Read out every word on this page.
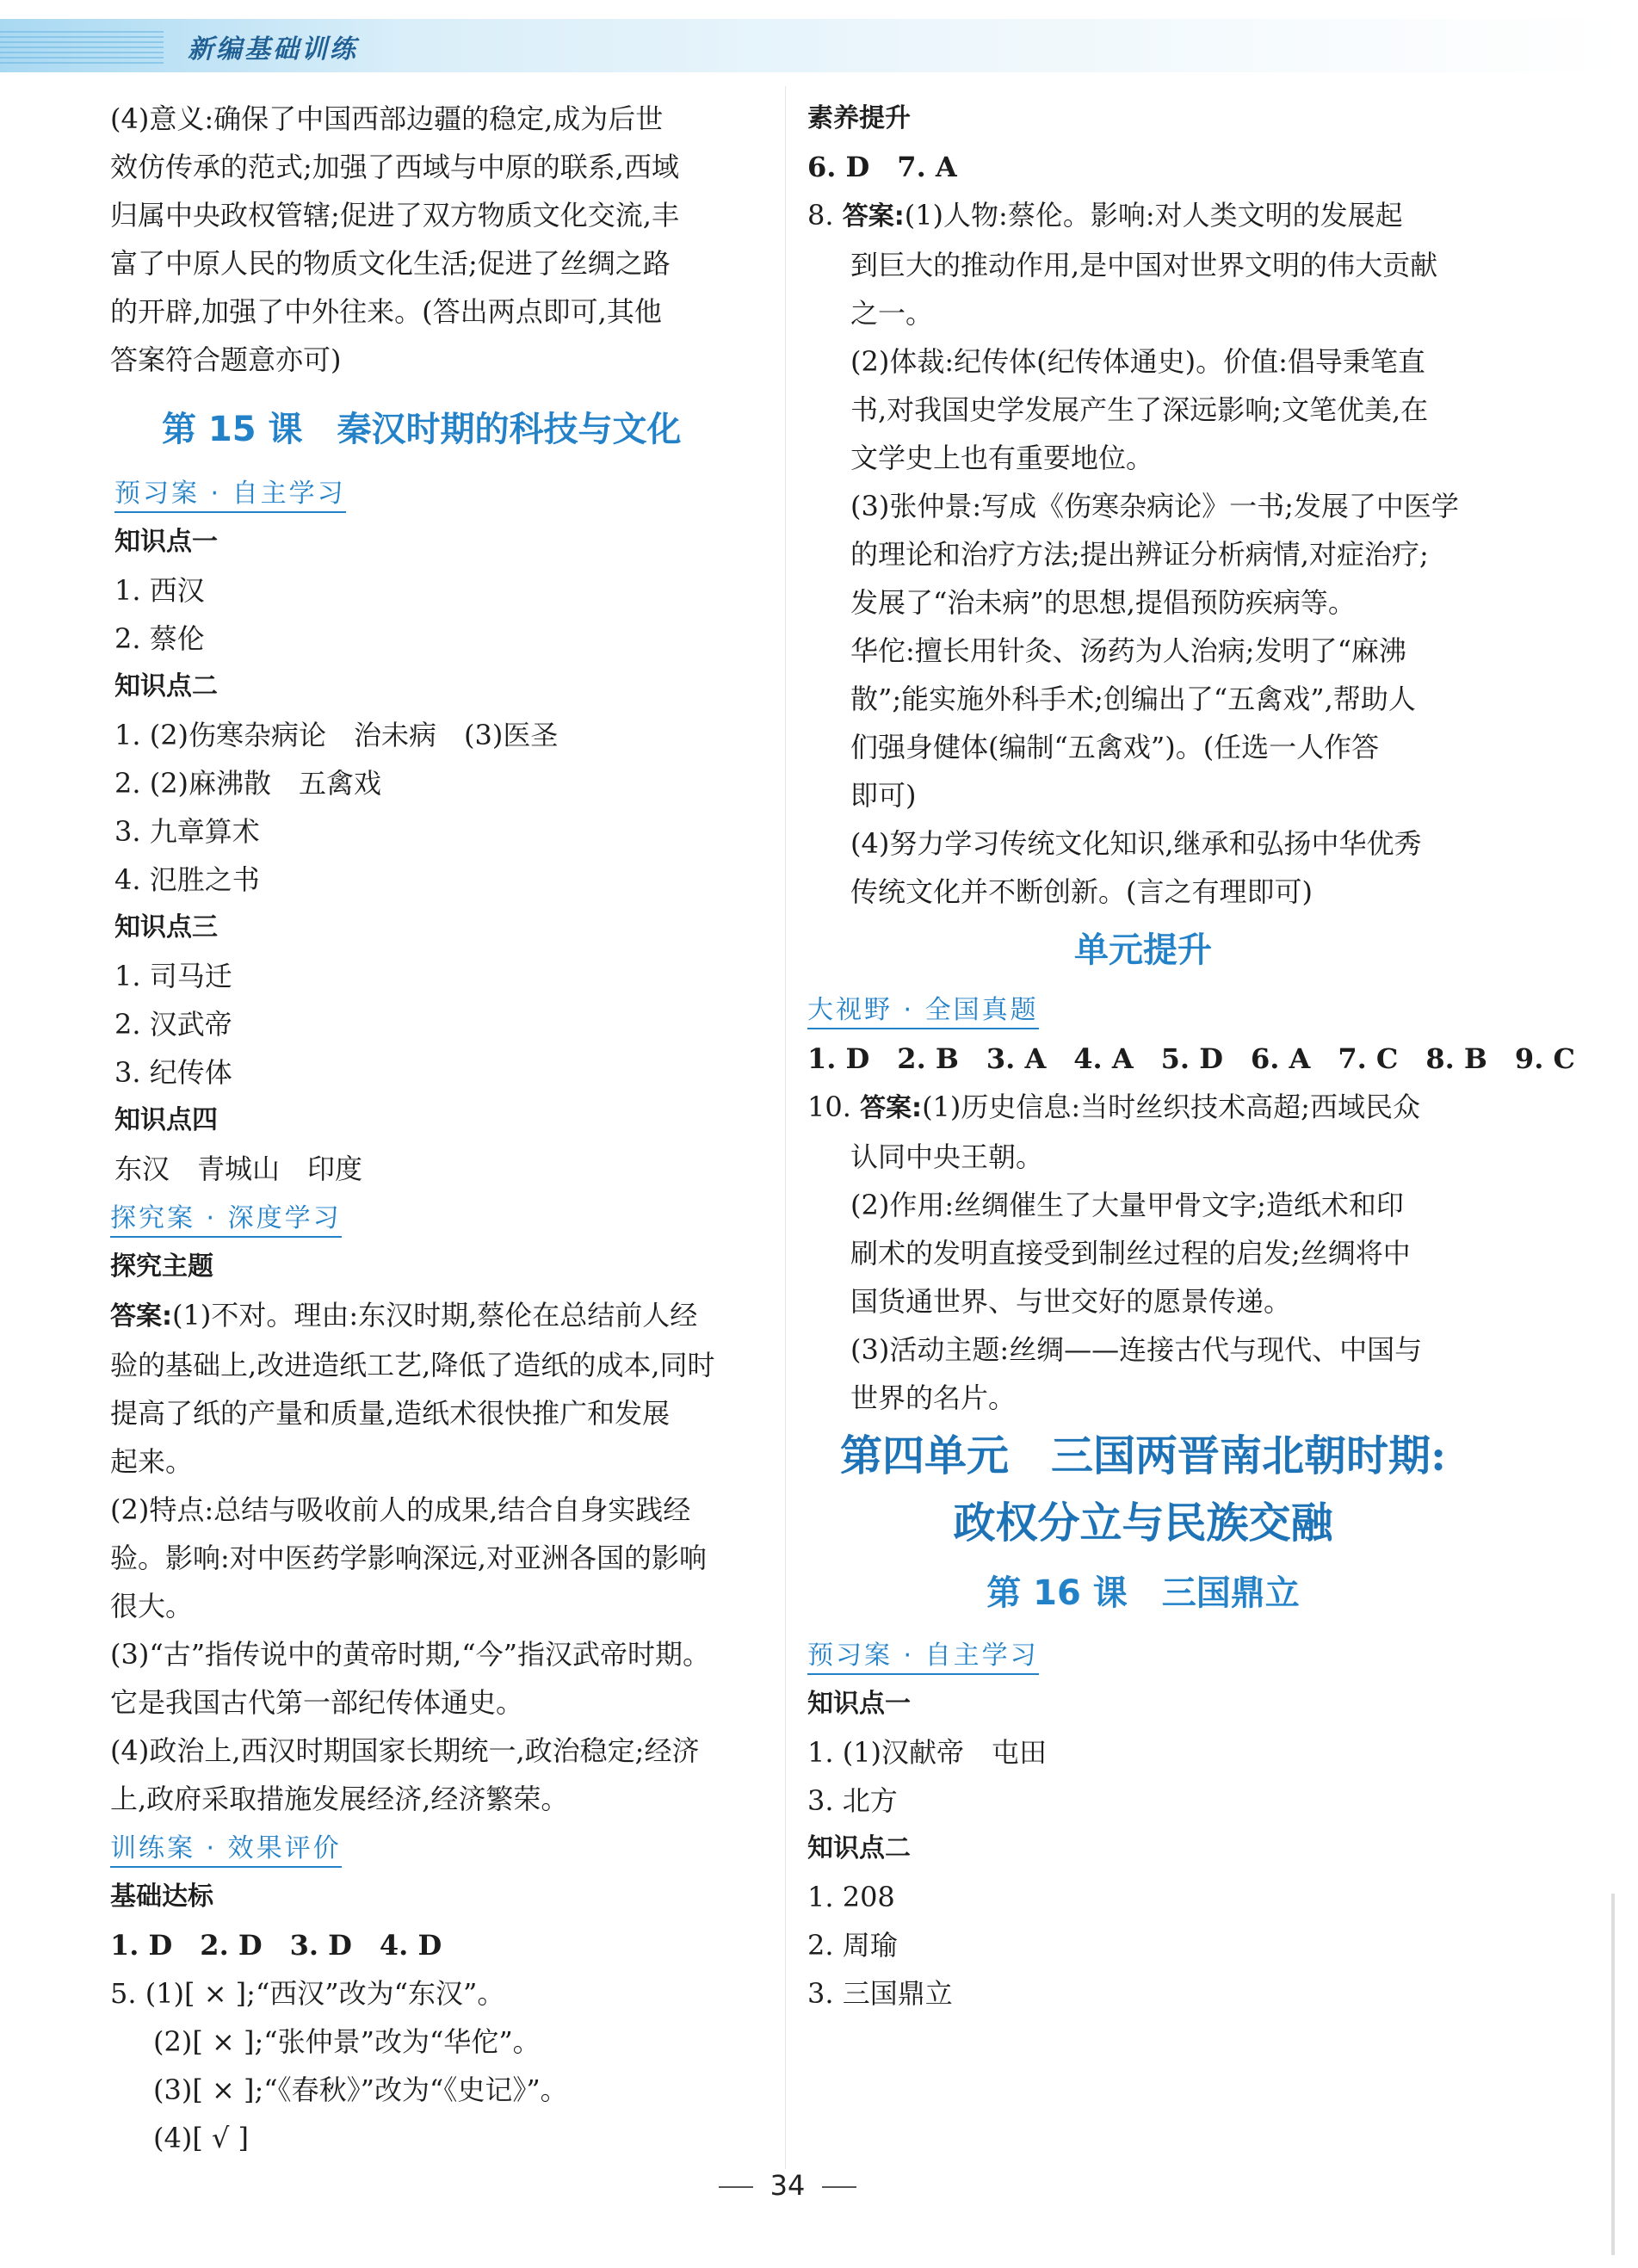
新编基础训练
(4)意义:确保了中国西部边疆的稳定,成为后世
效仿传承的范式;加强了西域与中原的联系,西域
归属中央政权管辖;促进了双方物质文化交流,丰
富了中原人民的物质文化生活;促进了丝绸之路
的开辟,加强了中外往来。(答出两点即可,其他
答案符合题意亦可)
第 15 课　秦汉时期的科技与文化
预习案 · 自主学习
知识点一
1. 西汉
2. 蔡伦
知识点二
1. (2)伤寒杂病论　治未病　(3)医圣
2. (2)麻沸散　五禽戏
3. 九章算术
4. 氾胜之书
知识点三
1. 司马迁
2. 汉武帝
3. 纪传体
知识点四
东汉　青城山　印度
探究案 · 深度学习
探究主题
答案:(1)不对。理由:东汉时期,蔡伦在总结前人经
验的基础上,改进造纸工艺,降低了造纸的成本,同时
提高了纸的产量和质量,造纸术很快推广和发展
起来。
(2)特点:总结与吸收前人的成果,结合自身实践经
验。影响:对中医药学影响深远,对亚洲各国的影响
很大。
(3)“古”指传说中的黄帝时期,“今”指汉武帝时期。
它是我国古代第一部纪传体通史。
(4)政治上,西汉时期国家长期统一,政治稳定;经济
上,政府采取措施发展经济,经济繁荣。
训练案 · 效果评价
基础达标
1. D　2. D　3. D　4. D
5. (1)[ × ];“西汉”改为“东汉”。
(2)[ × ];“张仲景”改为“华佗”。
(3)[ × ];“《春秋》”改为“《史记》”。
(4)[ √ ]
素养提升
6. D　7. A
8. 答案:(1)人物:蔡伦。影响:对人类文明的发展起
到巨大的推动作用,是中国对世界文明的伟大贡献
之一。
(2)体裁:纪传体(纪传体通史)。价值:倡导秉笔直
书,对我国史学发展产生了深远影响;文笔优美,在
文学史上也有重要地位。
(3)张仲景:写成《伤寒杂病论》一书;发展了中医学
的理论和治疗方法;提出辨证分析病情,对症治疗;
发展了“治未病”的思想,提倡预防疾病等。
华佗:擅长用针灸、汤药为人治病;发明了“麻沸
散”;能实施外科手术;创编出了“五禽戏”,帮助人
们强身健体(编制“五禽戏”)。(任选一人作答
即可)
(4)努力学习传统文化知识,继承和弘扬中华优秀
传统文化并不断创新。(言之有理即可)
单元提升
大视野 · 全国真题
1. D　2. B　3. A　4. A　5. D　6. A　7. C　8. B　9. C
10. 答案:(1)历史信息:当时丝织技术高超;西域民众
认同中央王朝。
(2)作用:丝绸催生了大量甲骨文字;造纸术和印
刷术的发明直接受到制丝过程的启发;丝绸将中
国货通世界、与世交好的愿景传递。
(3)活动主题:丝绸——连接古代与现代、中国与
世界的名片。
第四单元　三国两晋南北朝时期:
政权分立与民族交融
第 16 课　三国鼎立
预习案 · 自主学习
知识点一
1. (1)汉献帝　屯田
3. 北方
知识点二
1. 208
2. 周瑜
3. 三国鼎立
34
